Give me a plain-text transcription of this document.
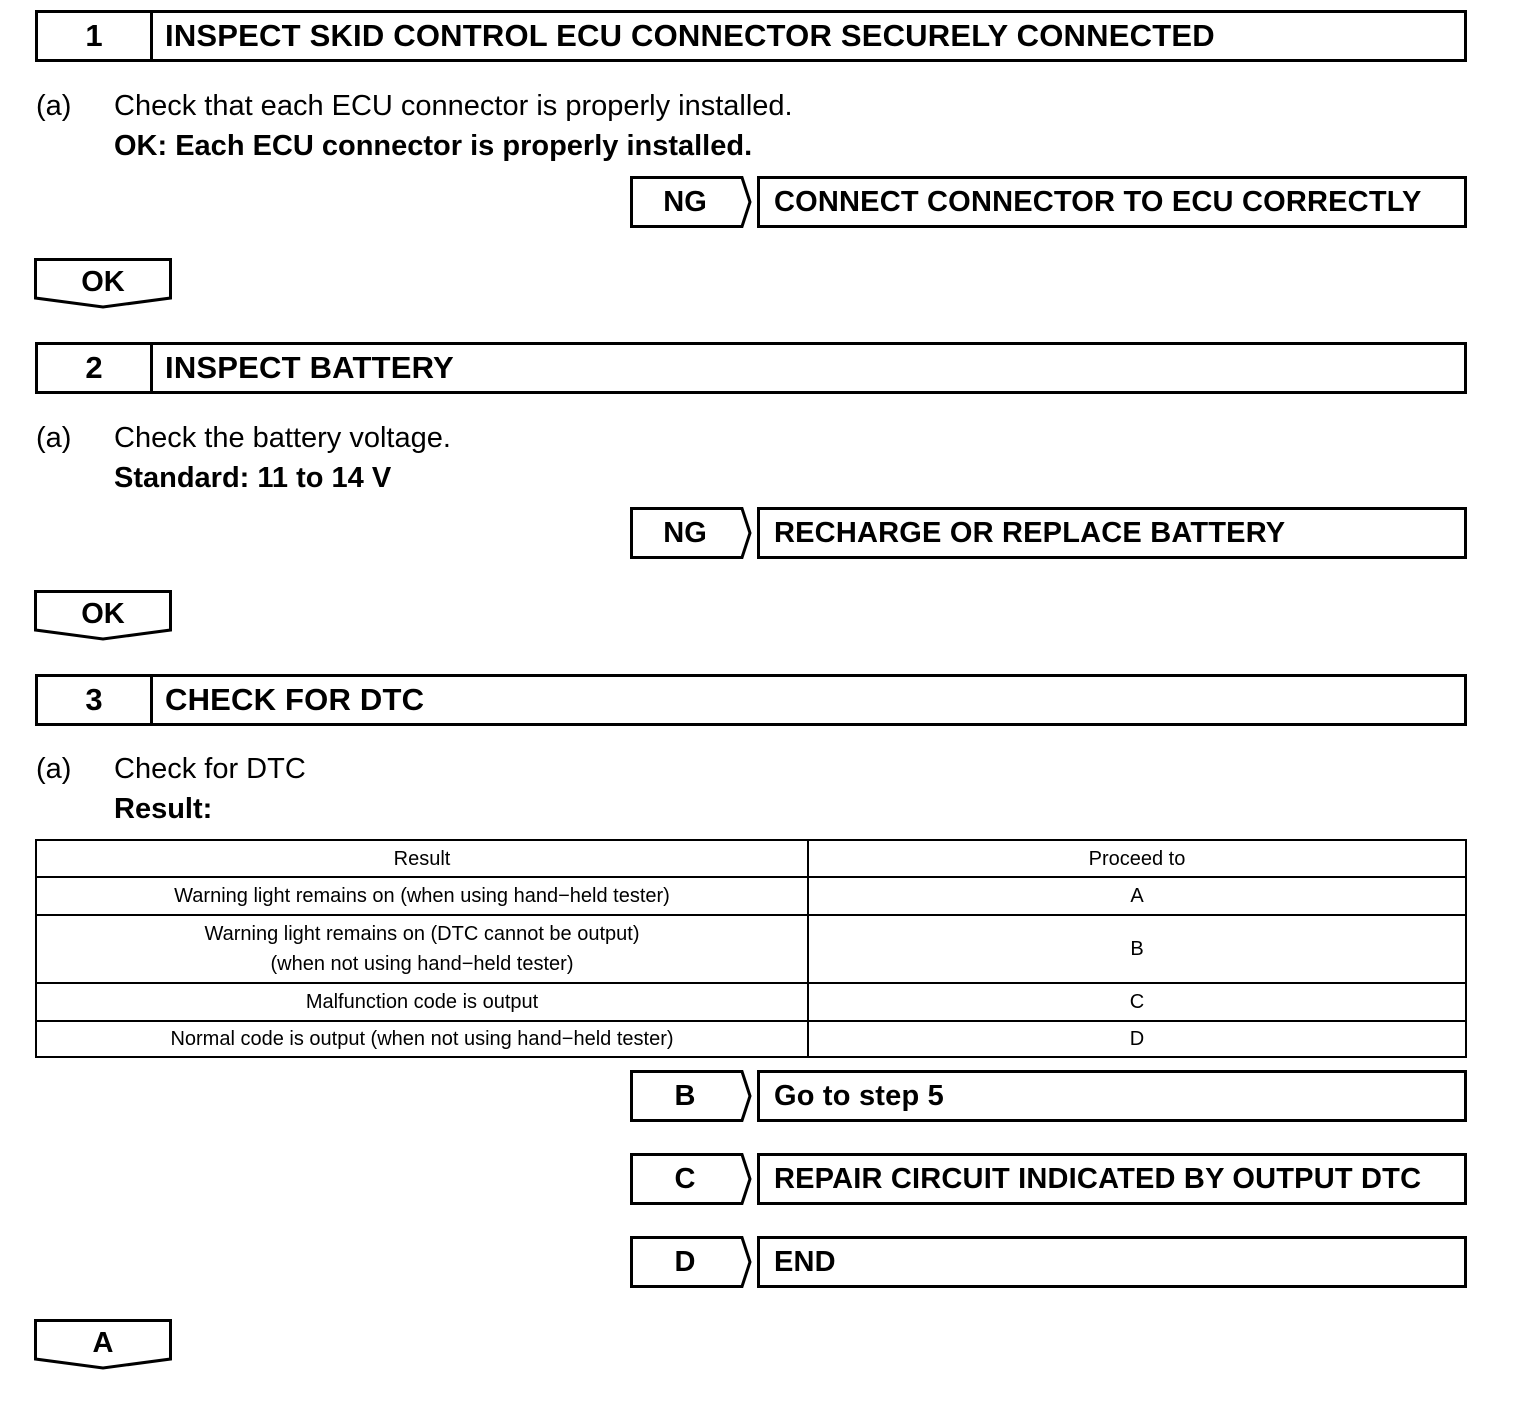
1	INSPECT SKID CONTROL ECU CONNECTOR SECURELY CONNECTED
(a) Check that each ECU connector is properly installed.
OK: Each ECU connector is properly installed.
NG	CONNECT CONNECTOR TO ECU CORRECTLY
OK
2	INSPECT BATTERY
(a) Check the battery voltage.
Standard: 11 to 14 V
NG	RECHARGE OR REPLACE BATTERY
OK
3	CHECK FOR DTC
(a) Check for DTC
Result:
Result	Proceed to
Warning light remains on (when using hand−held tester)	A

Warning light remains on (DTC cannot be output)
(when not using hand−held tester)	B
Malfunction code is output	C
Normal code is output (when not using hand−held tester)	D
B	Go to step 5
C	REPAIR CIRCUIT INDICATED BY OUTPUT DTC
D	END
A
